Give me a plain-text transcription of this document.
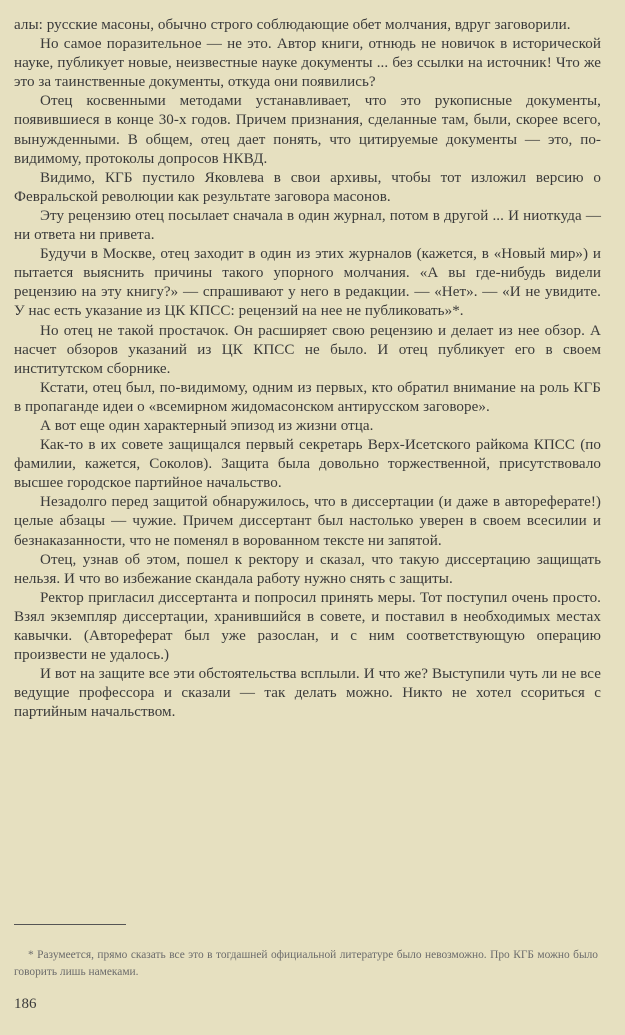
алы: русские масоны, обычно строго соблюдающие обет молчания, вдруг заговорили.

Но самое поразительное — не это. Автор книги, отнюдь не новичок в исторической науке, публикует новые, неизвестные науке документы ... без ссылки на источник! Что же это за таинственные документы, откуда они появились?

Отец косвенными методами устанавливает, что это рукописные документы, появившиеся в конце 30-х годов. Причем признания, сделанные там, были, скорее всего, вынужденными. В общем, отец дает понять, что цитируемые документы — это, по-видимому, протоколы допросов НКВД.

Видимо, КГБ пустило Яковлева в свои архивы, чтобы тот изложил версию о Февральской революции как результате заговора масонов.

Эту рецензию отец посылает сначала в один журнал, потом в другой ... И ниоткуда — ни ответа ни привета.

Будучи в Москве, отец заходит в один из этих журналов (кажется, в «Новый мир») и пытается выяснить причины такого упорного молчания. «А вы где-нибудь видели рецензию на эту книгу?» — спрашивают у него в редакции. — «Нет». — «И не увидите. У нас есть указание из ЦК КПСС: рецензий на нее не публиковать»*.

Но отец не такой простачок. Он расширяет свою рецензию и делает из нее обзор. А насчет обзоров указаний из ЦК КПСС не было. И отец публикует его в своем институтском сборнике.

Кстати, отец был, по-видимому, одним из первых, кто обратил внимание на роль КГБ в пропаганде идеи о «всемирном жидомасонском антирусском заговоре».

А вот еще один характерный эпизод из жизни отца.

Как-то в их совете защищался первый секретарь Верх-Исетского райкома КПСС (по фамилии, кажется, Соколов). Защита была довольно торжественной, присутствовало высшее городское партийное начальство.

Незадолго перед защитой обнаружилось, что в диссертации (и даже в автореферате!) целые абзацы — чужие. Причем диссертант был настолько уверен в своем всесилии и безнаказанности, что не поменял в ворованном тексте ни запятой.

Отец, узнав об этом, пошел к ректору и сказал, что такую диссертацию защищать нельзя. И что во избежание скандала работу нужно снять с защиты.

Ректор пригласил диссертанта и попросил принять меры. Тот поступил очень просто. Взял экземпляр диссертации, хранившийся в совете, и поставил в необходимых местах кавычки. (Автореферат был уже разослан, и с ним соответствующую операцию произвести не удалось.)

И вот на защите все эти обстоятельства всплыли. И что же? Выступили чуть ли не все ведущие профессора и сказали — так делать можно. Никто не хотел ссориться с партийным начальством.

* Разумеется, прямо сказать все это в тогдашней официальной литературе было невозможно. Про КГБ можно было говорить лишь намеками.
186
